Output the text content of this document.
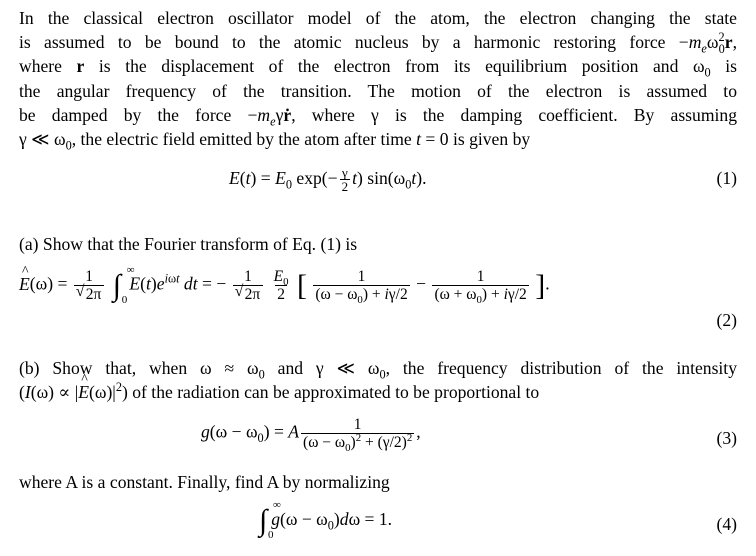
In the classical electron oscillator model of the atom, the electron changing the state
is assumed to be bound to the atomic nucleus by a harmonic restoring force $-m_e\omega^2_0r$,
where r is the displacement of the electron from its equilibrium position and $\omega_0$ is
the angular frequency of the transition. The motion of the electron is assumed to
be damped by the force $-m_e\gamma ṙ$, where γ is the damping coefficient. By assuming
γ ≪ $\omega_0$, the electric field emitted by the atom after time t = 0 is given by
$E(t) = E_0$ $\exp(- \frac{\gamma}{2} t)$ $\sin(\omega_0t)$.	(1)
(a) Show that the Fourier transform of Eq. (1) is
^ $E(\omega) = \frac{1}{√ 2\pi}$ ∫ ∞
0
$E(t)e^{i\omega t}$ dt = − $\frac{1}{√ 2\pi}$
$\frac{E_0}{2}$ [ $\frac{1}{(\omega - \omega_0) + i\gamma/2} - \frac{1}{(\omega + \omega_0) + i\gamma/2}$ ].
(2)
(b) Show that, when $\omega \approx \omega_0$ and γ ≪ $\omega_0$, the frequency distribution of the intensity
(I(ω) ∝ |^ $E(\omega)|^2$) of the radiation can be approximated to be proportional to
$g(\omega - \omega_0) = A \frac{1}{(\omega - \omega_0)^2 + (\gamma/2)^2}$ ,	(3)
where A is a constant. Finally, find A by normalizing
∫ ∞
0
$g(\omega - \omega_0)d\omega = 1$.	(4)
